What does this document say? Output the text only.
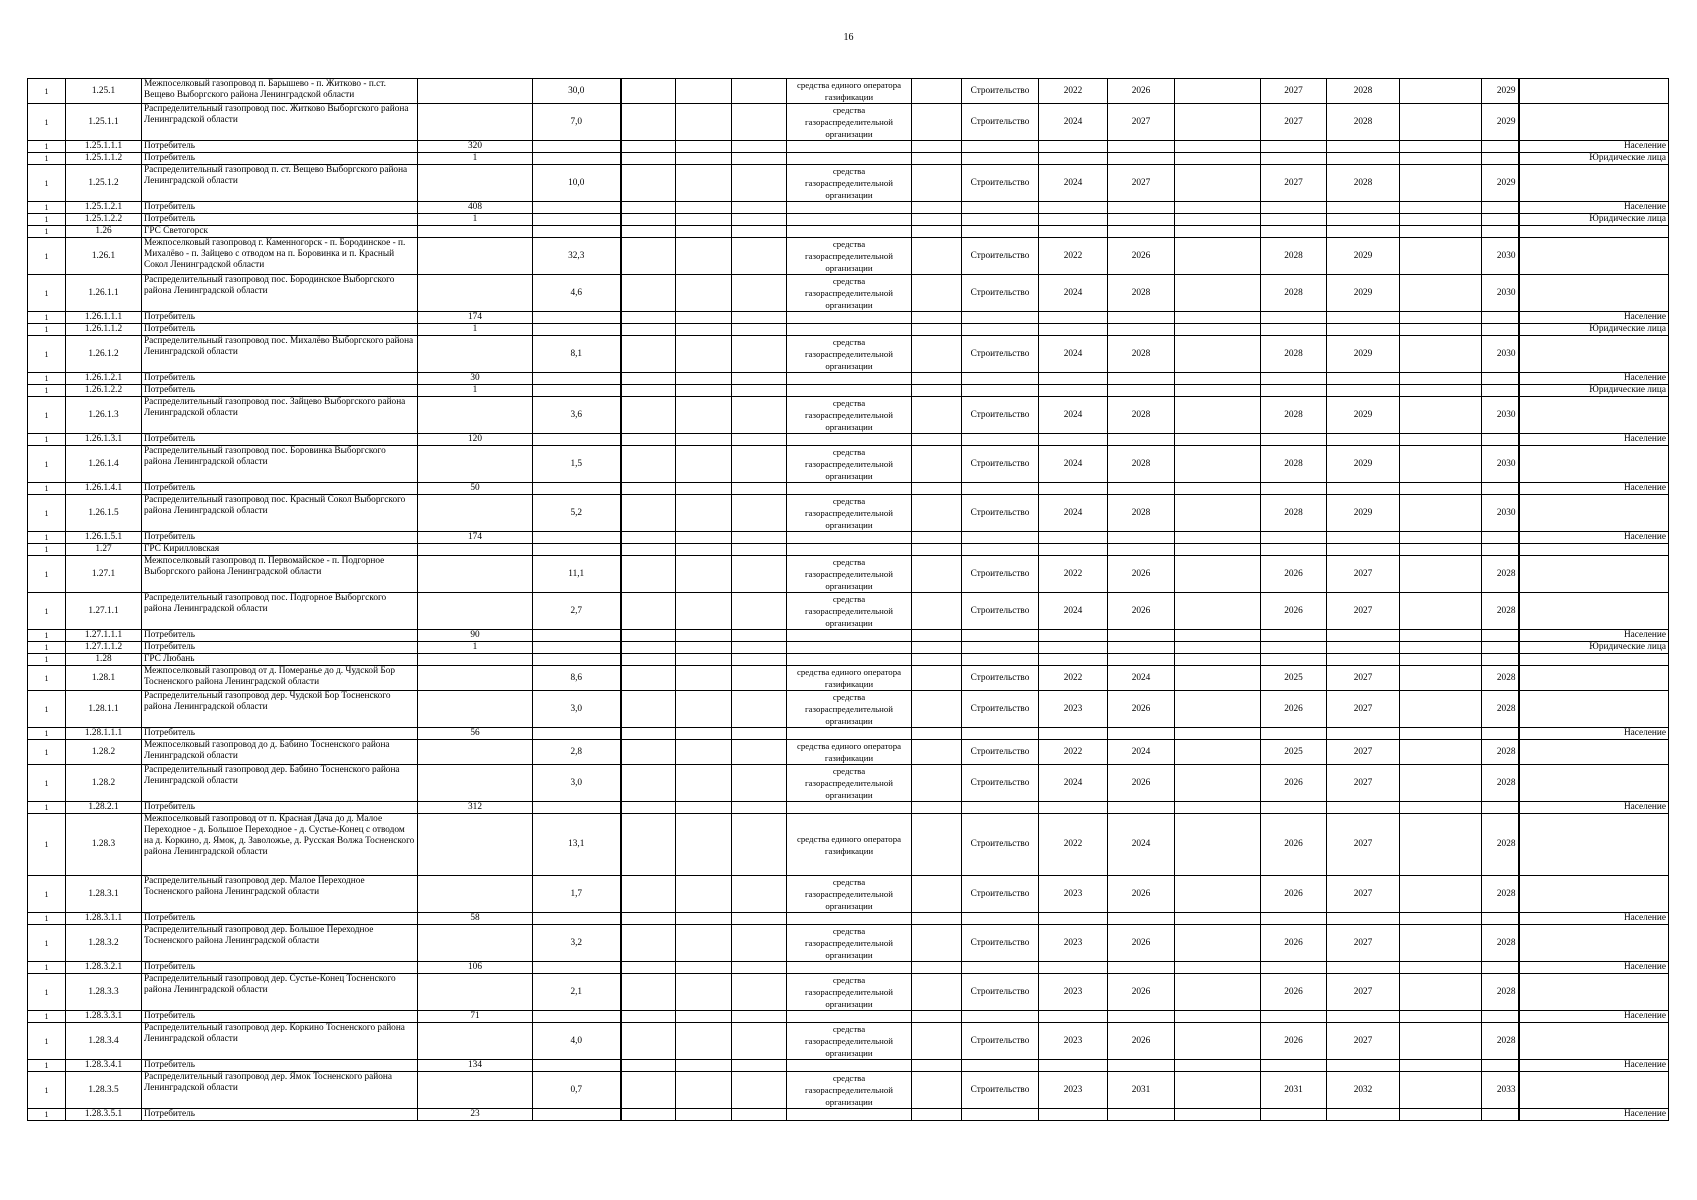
16
1	1.25.1	Межпоселковый газопровод п. Барышево - п. Житково - п.ст. Вещево Выборгского района Ленинградской области		30,0				средства единого оператора газификации		Строительство	2022	2026		2027	2028		2029	
1	1.25.1.1	Распределительный газопровод пос. Житково Выборгского района Ленинградской области		7,0				средства газораспределительной организации		Строительство	2024	2027		2027	2028		2029	
1	1.25.1.1.1	Потребитель	320															Население
1	1.25.1.1.2	Потребитель	1															Юридические лица
1	1.25.1.2	Распределительный газопровод п. ст. Вещево Выборгского района Ленинградской области		10,0				средства газораспределительной организации		Строительство	2024	2027		2027	2028		2029	
1	1.25.1.2.1	Потребитель	408															Население
1	1.25.1.2.2	Потребитель	1															Юридические лица
1	1.26	ГРС Светогорск																
1	1.26.1	Межпоселковый газопровод г. Каменногорск - п. Бородинское - п. Михалёво - п. Зайцево с отводом на п. Боровинка и п. Красный Сокол Ленинградской области		32,3				средства газораспределительной организации		Строительство	2022	2026		2028	2029		2030	
1	1.26.1.1	Распределительный газопровод пос. Бородинское Выборгского района Ленинградской области		4,6				средства газораспределительной организации		Строительство	2024	2028		2028	2029		2030	
1	1.26.1.1.1	Потребитель	174															Население
1	1.26.1.1.2	Потребитель	1															Юридические лица
1	1.26.1.2	Распределительный газопровод пос. Михалёво Выборгского района Ленинградской области		8,1				средства газораспределительной организации		Строительство	2024	2028		2028	2029		2030	
1	1.26.1.2.1	Потребитель	30															Население
1	1.26.1.2.2	Потребитель	1															Юридические лица
1	1.26.1.3	Распределительный газопровод пос. Зайцево Выборгского района Ленинградской области		3,6				средства газораспределительной организации		Строительство	2024	2028		2028	2029		2030	
1	1.26.1.3.1	Потребитель	120															Население
1	1.26.1.4	Распределительный газопровод пос. Боровинка Выборгского района Ленинградской области		1,5				средства газораспределительной организации		Строительство	2024	2028		2028	2029		2030	
1	1.26.1.4.1	Потребитель	50															Население
1	1.26.1.5	Распределительный газопровод пос. Красный Сокол Выборгского района Ленинградской области		5,2				средства газораспределительной организации		Строительство	2024	2028		2028	2029		2030	
1	1.26.1.5.1	Потребитель	174															Население
1	1.27	ГРС Кирилловская																
1	1.27.1	Межпоселковый газопровод п. Первомайское - п. Подгорное Выборгского района Ленинградской области		11,1				средства газораспределительной организации		Строительство	2022	2026		2026	2027		2028	
1	1.27.1.1	Распределительный газопровод пос. Подгорное Выборгского района Ленинградской области		2,7				средства газораспределительной организации		Строительство	2024	2026		2026	2027		2028	
1	1.27.1.1.1	Потребитель	90															Население
1	1.27.1.1.2	Потребитель	1															Юридические лица
1	1.28	ГРС Любань																
1	1.28.1	Межпоселковый газопровод от д. Померанье до д. Чудской Бор Тосненского района Ленинградской области		8,6				средства единого оператора газификации		Строительство	2022	2024		2025	2027		2028	
1	1.28.1.1	Распределительный газопровод дер. Чудской Бор Тосненского района Ленинградской области		3,0				средства газораспределительной организации		Строительство	2023	2026		2026	2027		2028	
1	1.28.1.1.1	Потребитель	56															Население
1	1.28.2	Межпоселковый газопровод до д. Бабино Тосненского района Ленинградской области		2,8				средства единого оператора газификации		Строительство	2022	2024		2025	2027		2028	
1	1.28.2	Распределительный газопровод дер. Бабино Тосненского района Ленинградской области		3,0				средства газораспределительной организации		Строительство	2024	2026		2026	2027		2028	
1	1.28.2.1	Потребитель	312															Население
1	1.28.3	Межпоселковый газопровод от п. Красная Дача до д. Малое Переходное - д. Большое Переходное - д. Сустье-Конец с отводом на д. Коркино, д. Ямок, д. Заволожье, д. Русская Волжа Тосненского района Ленинградской области		13,1				средства единого оператора газификации		Строительство	2022	2024		2026	2027		2028	
1	1.28.3.1	Распределительный газопровод дер. Малое Переходное Тосненского района Ленинградской области		1,7				средства газораспределительной организации		Строительство	2023	2026		2026	2027		2028	
1	1.28.3.1.1	Потребитель	58															Население
1	1.28.3.2	Распределительный газопровод дер. Большое Переходное Тосненского района Ленинградской области		3,2				средства газораспределительной организации		Строительство	2023	2026		2026	2027		2028	
1	1.28.3.2.1	Потребитель	106															Население
1	1.28.3.3	Распределительный газопровод дер. Сустье-Конец Тосненского района Ленинградской области		2,1				средства газораспределительной организации		Строительство	2023	2026		2026	2027		2028	
1	1.28.3.3.1	Потребитель	71															Население
1	1.28.3.4	Распределительный газопровод дер. Коркино Тосненского района Ленинградской области		4,0				средства газораспределительной организации		Строительство	2023	2026		2026	2027		2028	
1	1.28.3.4.1	Потребитель	134															Население
1	1.28.3.5	Распределительный газопровод дер. Ямок Тосненского района Ленинградской области		0,7				средства газораспределительной организации		Строительство	2023	2031		2031	2032		2033	
1	1.28.3.5.1	Потребитель	23															Население
